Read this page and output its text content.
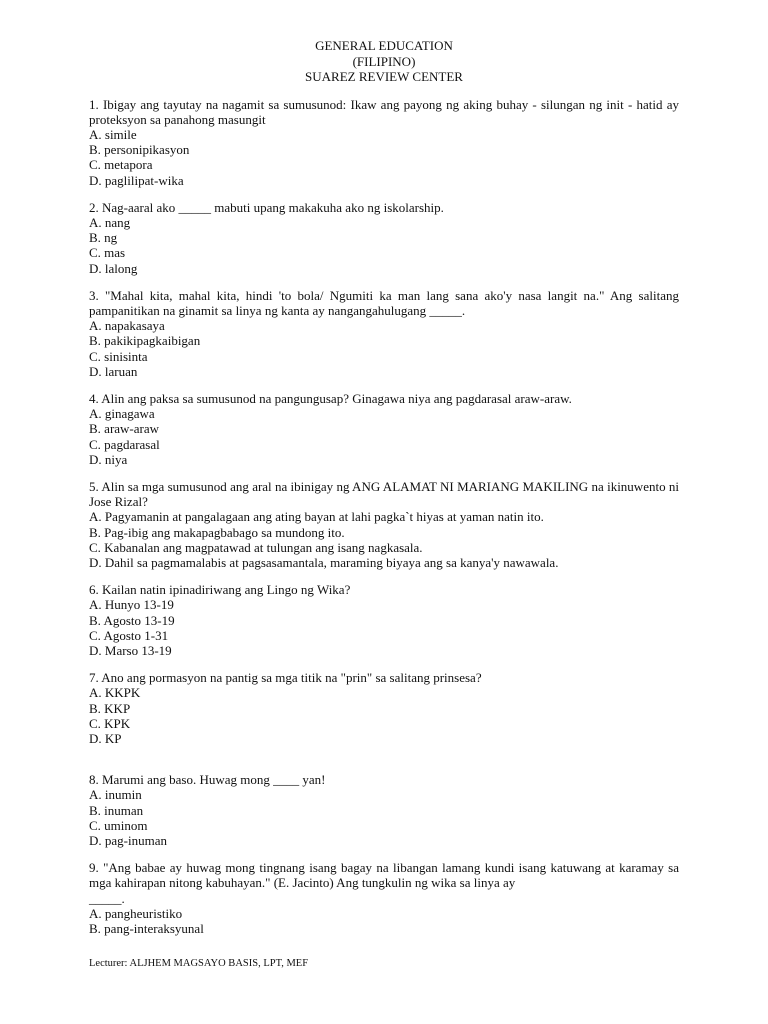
GENERAL EDUCATION
(FILIPINO)
SUAREZ REVIEW CENTER
1. Ibigay ang tayutay na nagamit sa sumusunod: Ikaw ang payong ng aking buhay - silungan ng init - hatid ay proteksyon sa panahong masungit
A. simile
B. personipikasyon
C. metapora
D. paglilipat-wika
2. Nag-aaral ako _____ mabuti upang makakuha ako ng iskolarship.
A. nang
B. ng
C. mas
D. lalong
3. "Mahal kita, mahal kita, hindi 'to bola/ Ngumiti ka man lang sana ako'y nasa langit na." Ang salitang pampanitikan na ginamit sa linya ng kanta ay nangangahulugang _____.
A. napakasaya
B. pakikipagkaibigan
C. sinisinta
D. laruan
4. Alin ang paksa sa sumusunod na pangungusap? Ginagawa niya ang pagdarasal araw-araw.
A. ginagawa
B. araw-araw
C. pagdarasal
D. niya
5. Alin sa mga sumusunod ang aral na ibinigay ng ANG ALAMAT NI MARIANG MAKILING na ikinuwento ni Jose Rizal?
A. Pagyamanin at pangalagaan ang ating bayan at lahi pagka`t hiyas at yaman natin ito.
B. Pag-ibig ang makapagbabago sa mundong ito.
C. Kabanalan ang magpatawad at tulungan ang isang nagkasala.
D. Dahil sa pagmamalabis at pagsasamantala, maraming biyaya ang sa kanya'y nawawala.
6. Kailan natin ipinadiriwang ang Lingo ng Wika?
A. Hunyo 13-19
B. Agosto 13-19
C. Agosto 1-31
D. Marso 13-19
7. Ano ang pormasyon na pantig sa mga titik na "prin" sa salitang prinsesa?
A. KKPK
B. KKP
C. KPK
D. KP
8. Marumi ang baso. Huwag mong ____ yan!
A. inumin
B. inuman
C. uminom
D. pag-inuman
9. "Ang babae ay huwag mong tingnang isang bagay na libangan lamang kundi isang katuwang at karamay sa mga kahirapan nitong kabuhayan." (E. Jacinto) Ang tungkulin ng wika sa linya ay
_____.
A. pangheuristiko
B. pang-interaksyunal
Lecturer: ALJHEM MAGSAYO BASIS, LPT, MEF
